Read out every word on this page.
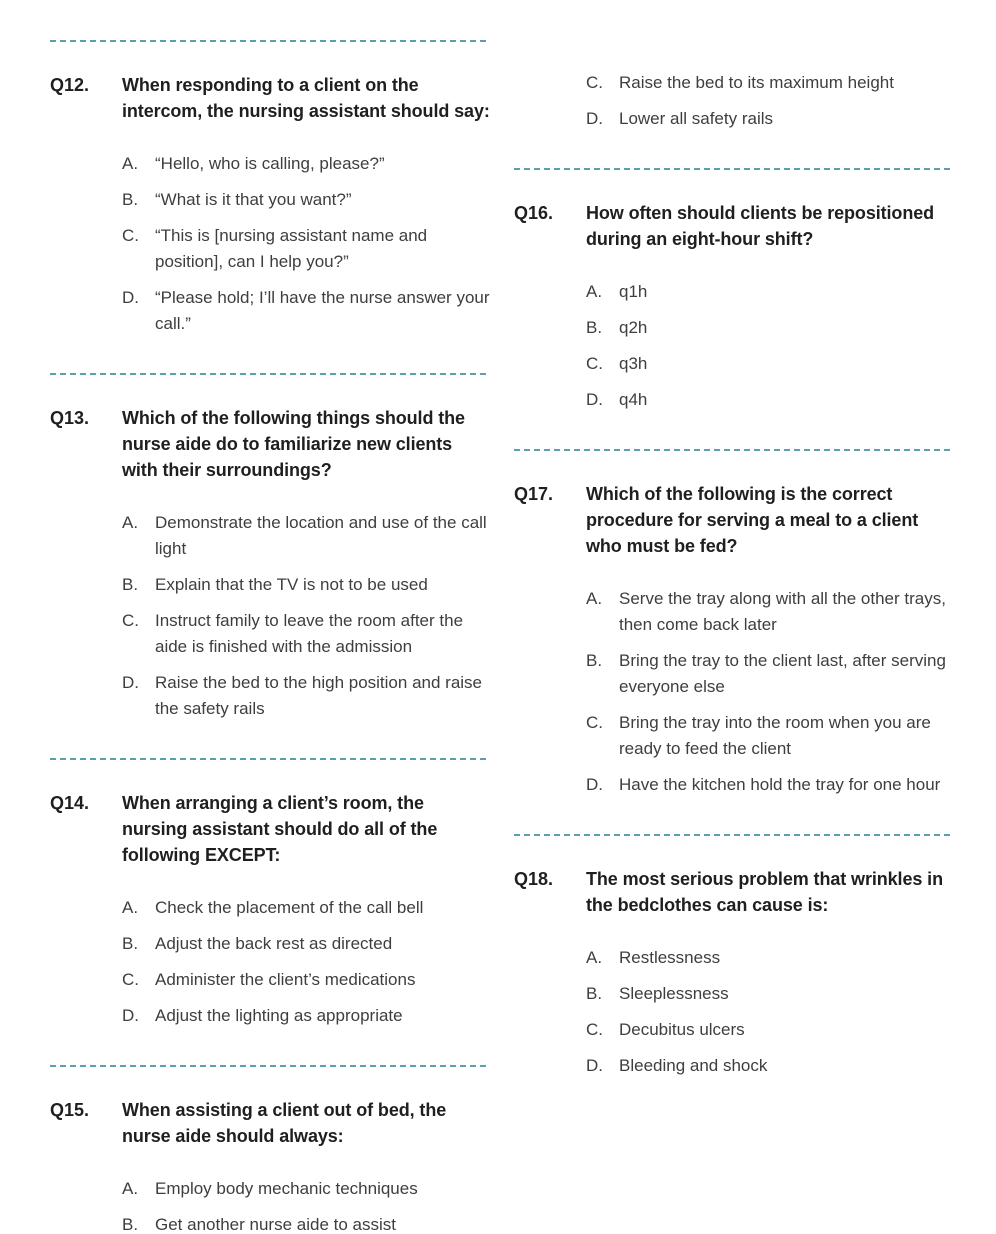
Q12.	When responding to a client on the intercom, the nursing assistant should say:

A. “Hello, who is calling, please?”
B. “What is it that you want?”
C. “This is [nursing assistant name and position], can I help you?”
D. “Please hold; I’ll have the nurse answer your call.”
Q13.	Which of the following things should the nurse aide do to familiarize new clients with their surroundings?

A. Demonstrate the location and use of the call light
B. Explain that the TV is not to be used
C. Instruct family to leave the room after the aide is finished with the admission
D. Raise the bed to the high position and raise the safety rails
Q14.	When arranging a client’s room, the nursing assistant should do all of the following EXCEPT:

A. Check the placement of the call bell
B. Adjust the back rest as directed
C. Administer the client’s medications
D. Adjust the lighting as appropriate
Q15.	When assisting a client out of bed, the nurse aide should always:

A. Employ body mechanic techniques
B. Get another nurse aide to assist
C. Raise the bed to its maximum height
D. Lower all safety rails
Q16.	How often should clients be repositioned during an eight-hour shift?

A. q1h
B. q2h
C. q3h
D. q4h
Q17.	Which of the following is the correct procedure for serving a meal to a client who must be fed?

A. Serve the tray along with all the other trays, then come back later
B. Bring the tray to the client last, after serving everyone else
C. Bring the tray into the room when you are ready to feed the client
D. Have the kitchen hold the tray for one hour
Q18.	The most serious problem that wrinkles in the bedclothes can cause is:

A. Restlessness
B. Sleeplessness
C. Decubitus ulcers
D. Bleeding and shock
